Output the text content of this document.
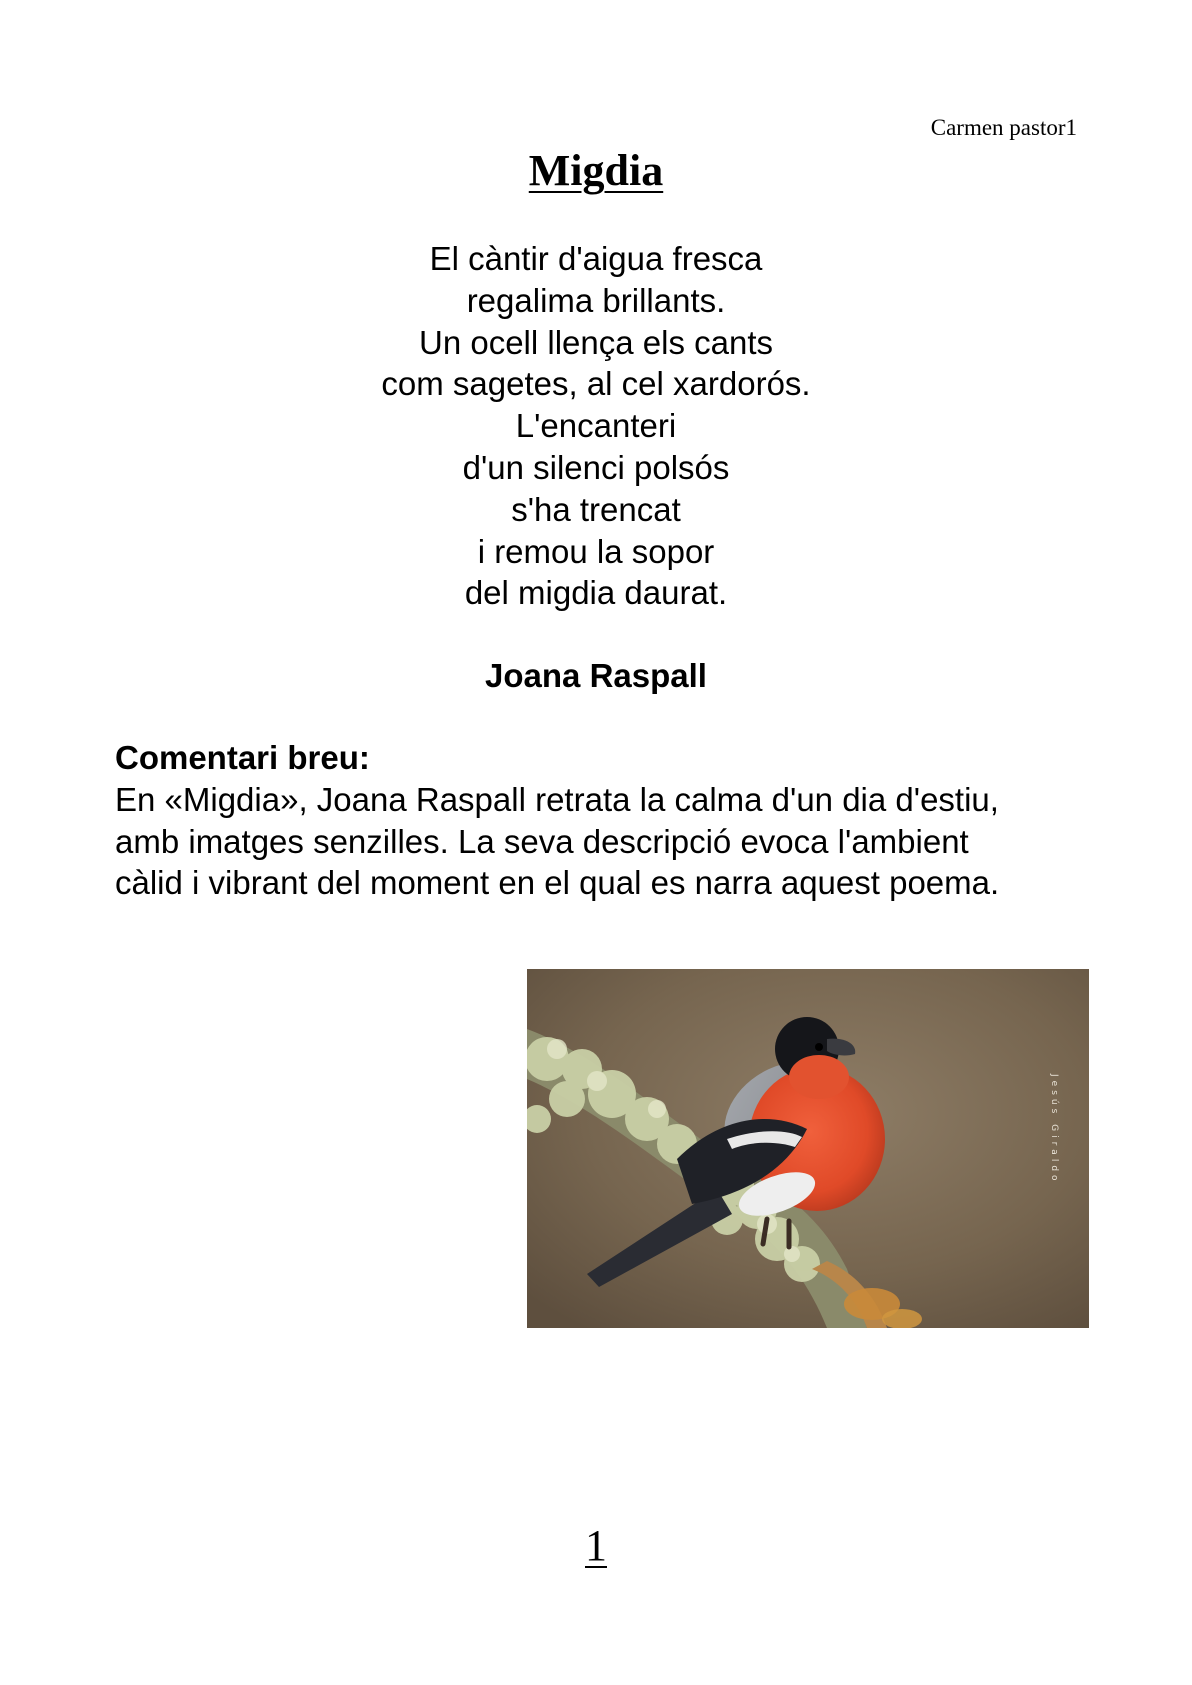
Carmen pastor1
Migdia
El càntir d'aigua fresca
regalima brillants.
Un ocell llença els cants
com sagetes, al cel xardorós.
L'encanteri
d'un silenci polsós
s'ha trencat
i remou la sopor
del migdia daurat.
Joana Raspall
Comentari breu:
En «Migdia», Joana Raspall retrata la calma d'un dia d'estiu, amb imatges senzilles. La seva descripció evoca l'ambient càlid i vibrant del moment en el qual es narra aquest poema.
Jesús Giraldo
1
